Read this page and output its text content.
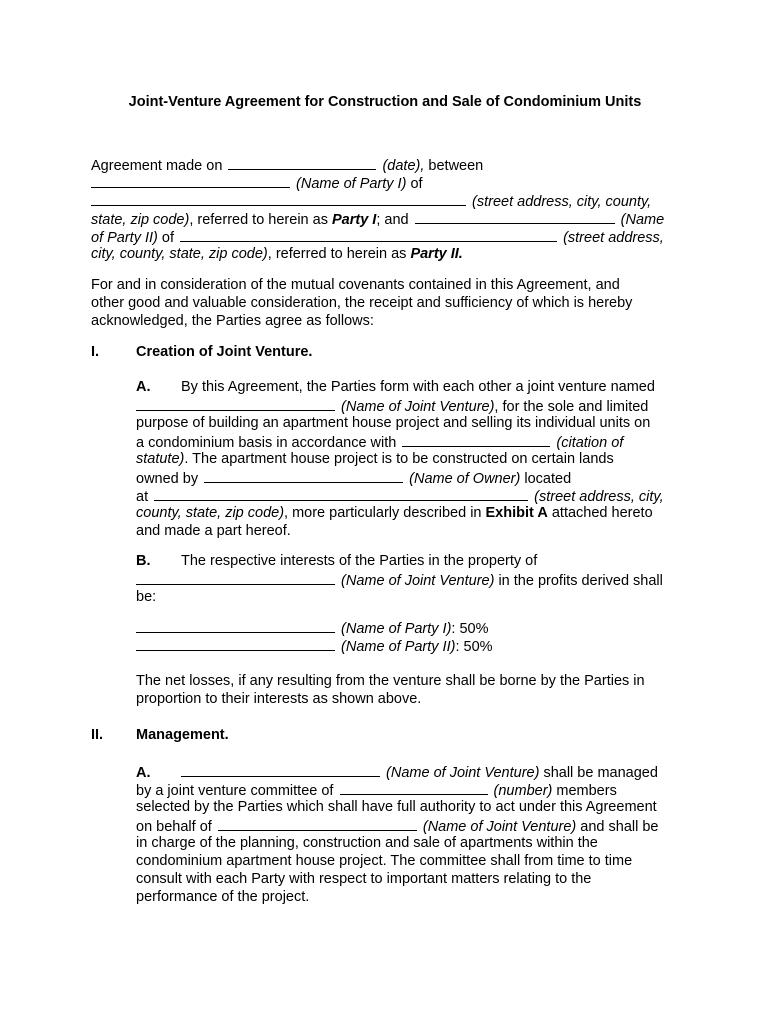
Joint-Venture Agreement for Construction and Sale of Condominium Units

Agreement made on	(date), between

(Name of Party I) of

(street address, city, county,

state, zip code), referred to herein as Party I; and	(Name

of Party II) of	(street address,

city, county, state, zip code), referred to herein as Party II.

For and in consideration of the mutual covenants contained in this Agreement, and

other good and valuable consideration, the receipt and sufficiency of which is hereby

acknowledged, the Parties agree as follows:

I.	Creation of Joint Venture.

A. By this Agreement, the Parties form with each other a joint venture named

(Name of Joint Venture), for the sole and limited

purpose of building an apartment house project and selling its individual units on

a condominium basis in accordance with	(citation of

statute). The apartment house project is to be constructed on certain lands

owned by	(Name of Owner) located

at	(street address, city,

county, state, zip code), more particularly described in Exhibit A attached hereto

and made a part hereof.

B. The respective interests of the Parties in the property of

(Name of Joint Venture) in the profits derived shall

be:

(Name of Party I): 50%

(Name of Party II): 50%

The net losses, if any resulting from the venture shall be borne by the Parties in

proportion to their interests as shown above.

II. Management.

A.	(Name of Joint Venture) shall be managed

by a joint venture committee of	(number) members

selected by the Parties which shall have full authority to act under this Agreement

on behalf of	(Name of Joint Venture) and shall be

in charge of the planning, construction and sale of apartments within the

condominium apartment house project. The committee shall from time to time

consult with each Party with respect to important matters relating to the

performance of the project.
